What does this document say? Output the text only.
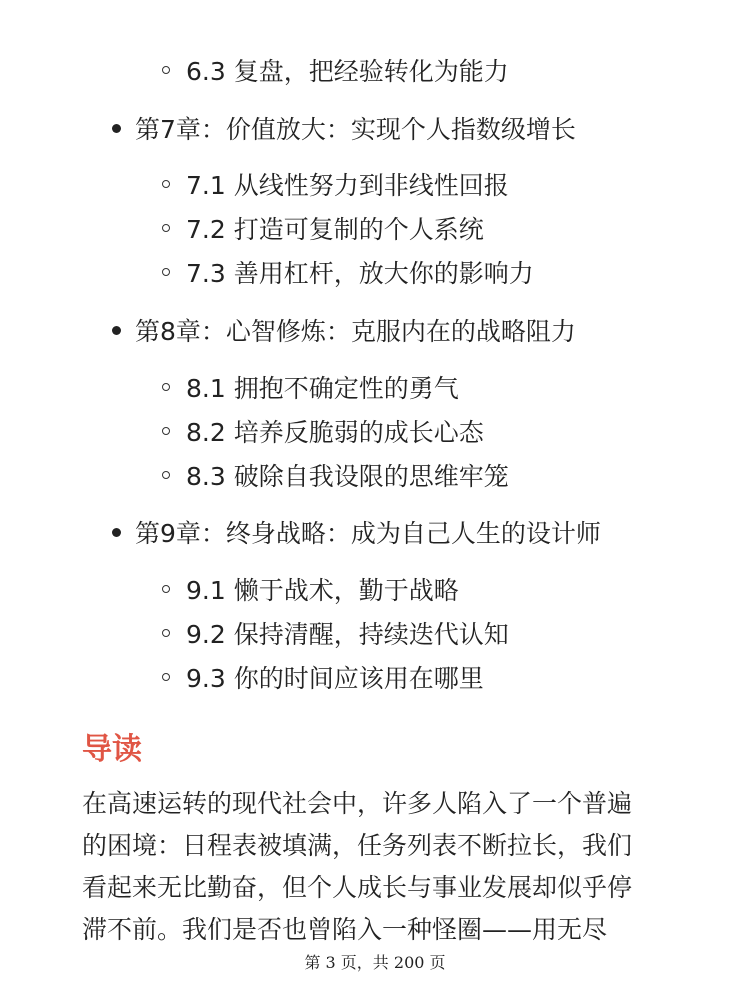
6.3 复盘，把经验转化为能力
第7章：价值放大：实现个人指数级增长
7.1 从线性努力到非线性回报
7.2 打造可复制的个人系统
7.3 善用杠杆，放大你的影响力
第8章：心智修炼：克服内在的战略阻力
8.1 拥抱不确定性的勇气
8.2 培养反脆弱的成长心态
8.3 破除自我设限的思维牢笼
第9章：终身战略：成为自己人生的设计师
9.1 懒于战术，勤于战略
9.2 保持清醒，持续迭代认知
9.3 你的时间应该用在哪里
导读
在高速运转的现代社会中，许多人陷入了一个普遍
的困境：日程表被填满，任务列表不断拉长，我们
看起来无比勤奋，但个人成长与事业发展却似乎停
滞不前。我们是否也曾陷入一种怪圈——用无尽
第 3 页，共 200 页
